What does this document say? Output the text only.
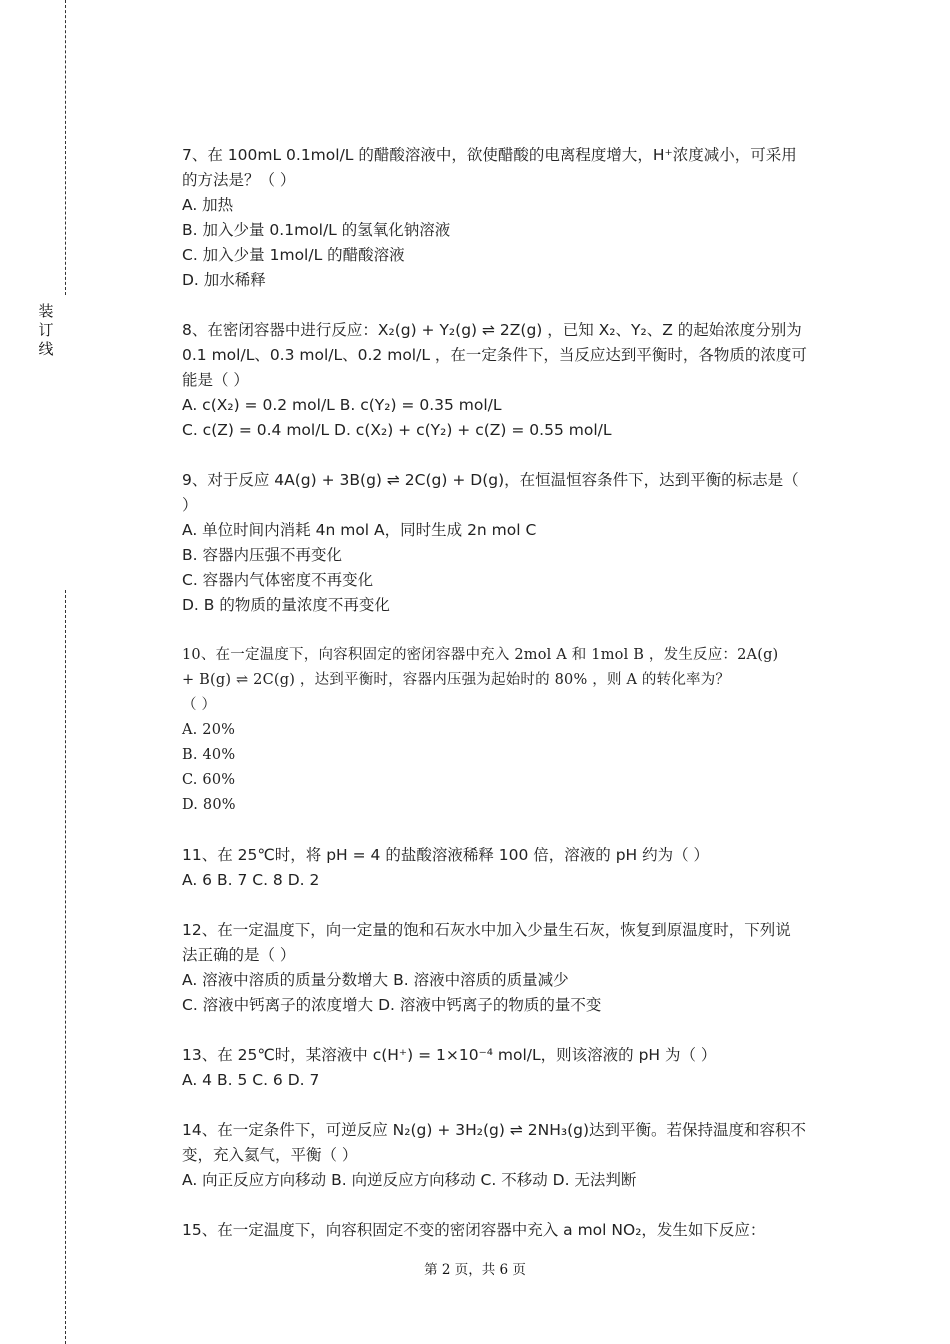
装订线
7、在 100mL 0.1mol/L 的醋酸溶液中，欲使醋酸的电离程度增大，H⁺浓度减小，可采用
的方法是？（ ）
A. 加热
B. 加入少量 0.1mol/L 的氢氧化钠溶液
C. 加入少量 1mol/L 的醋酸溶液
D. 加水稀释
8、在密闭容器中进行反应：X₂(g) + Y₂(g) ⇌ 2Z(g) ，已知 X₂、Y₂、Z 的起始浓度分别为
0.1 mol/L、0.3 mol/L、0.2 mol/L ，在一定条件下，当反应达到平衡时，各物质的浓度可
能是（ ）
A. c(X₂) = 0.2 mol/L B. c(Y₂) = 0.35 mol/L
C. c(Z) = 0.4 mol/L D. c(X₂) + c(Y₂) + c(Z) = 0.55 mol/L
9、对于反应 4A(g) + 3B(g) ⇌ 2C(g) + D(g)，在恒温恒容条件下，达到平衡的标志是（
）
A. 单位时间内消耗 4n mol A，同时生成 2n mol C
B. 容器内压强不再变化
C. 容器内气体密度不再变化
D. B 的物质的量浓度不再变化
10、在一定温度下，向容积固定的密闭容器中充入 2mol A 和 1mol B ，发生反应：2A(g)
+ B(g) ⇌ 2C(g) ，达到平衡时，容器内压强为起始时的 80% ，则 A 的转化率为？
（ ）
A. 20%
B. 40%
C. 60%
D. 80%
11、在 25℃时，将 pH = 4 的盐酸溶液稀释 100 倍，溶液的 pH 约为（ ）
A. 6 B. 7 C. 8 D. 2
12、在一定温度下，向一定量的饱和石灰水中加入少量生石灰，恢复到原温度时，下列说
法正确的是（ ）
A. 溶液中溶质的质量分数增大 B. 溶液中溶质的质量减少
C. 溶液中钙离子的浓度增大 D. 溶液中钙离子的物质的量不变
13、在 25℃时，某溶液中 c(H⁺) = 1×10⁻⁴ mol/L，则该溶液的 pH 为（ ）
A. 4 B. 5 C. 6 D. 7
14、在一定条件下，可逆反应 N₂(g) + 3H₂(g) ⇌ 2NH₃(g)达到平衡。若保持温度和容积不
变，充入氦气，平衡（ ）
A. 向正反应方向移动 B. 向逆反应方向移动 C. 不移动 D. 无法判断
15、在一定温度下，向容积固定不变的密闭容器中充入 a mol NO₂，发生如下反应：
第 2 页，共 6 页
